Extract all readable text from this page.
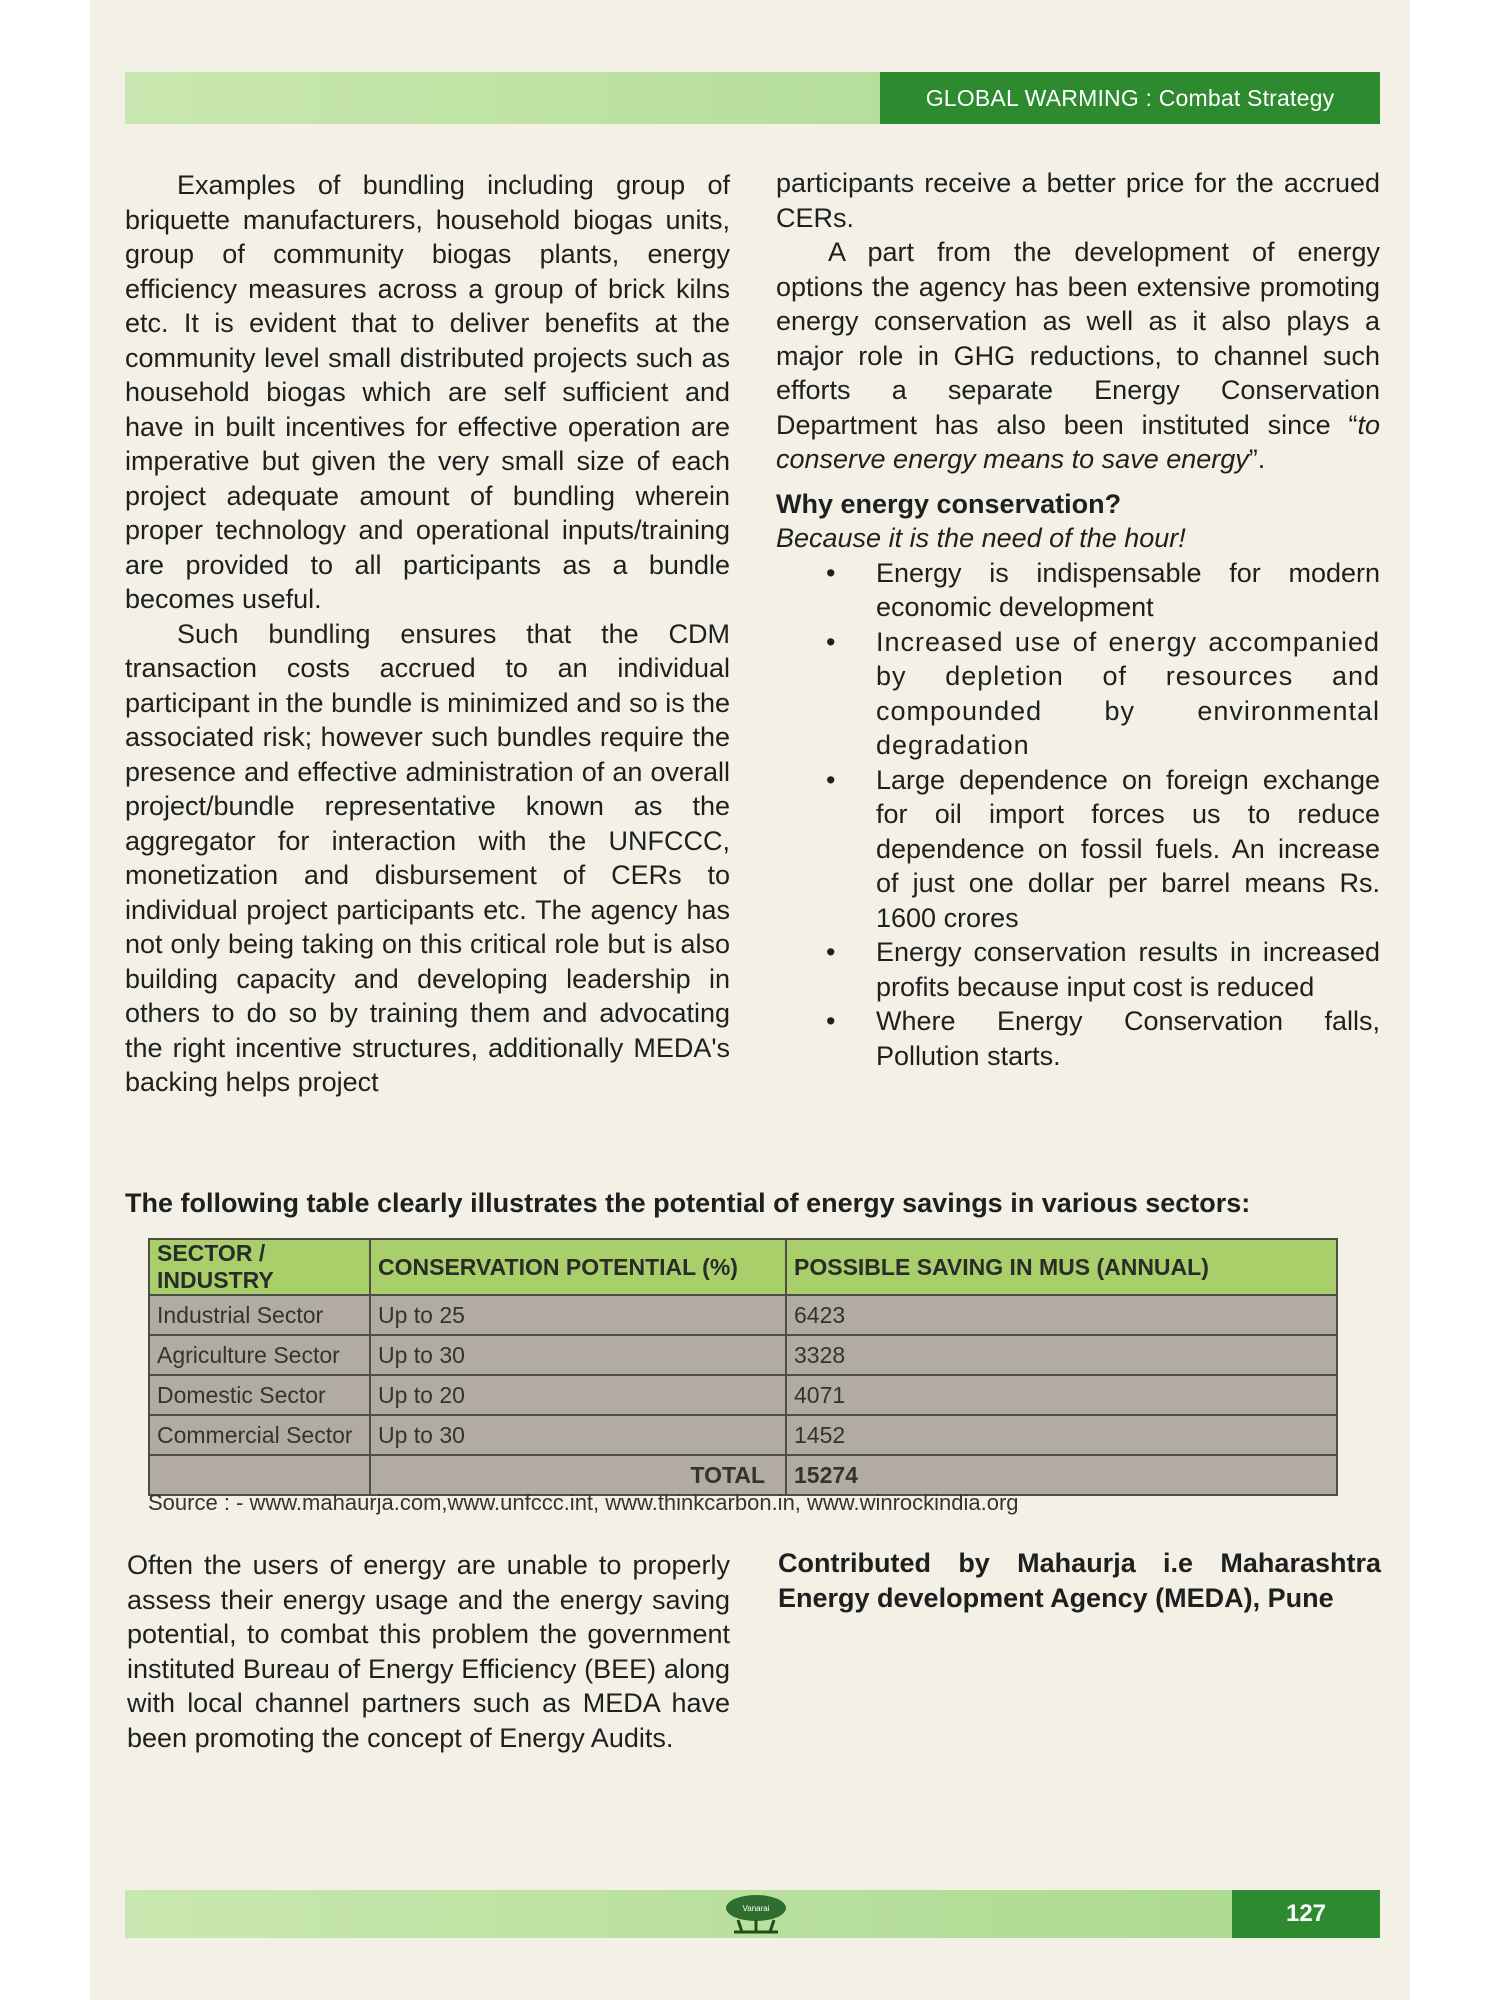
GLOBAL WARMING : Combat Strategy

Examples of bundling including group of briquette manufacturers, household biogas units, group of community biogas plants, energy efficiency measures across a group of brick kilns etc. It is evident that to deliver benefits at the community level small distributed projects such as household biogas which are self sufficient and have in built incentives for effective operation are imperative but given the very small size of each project adequate amount of bundling wherein proper technology and operational inputs/training are provided to all participants as a bundle becomes useful.

Such bundling ensures that the CDM transaction costs accrued to an individual participant in the bundle is minimized and so is the associated risk; however such bundles require the presence and effective administration of an overall project/bundle representative known as the aggregator for interaction with the UNFCCC, monetization and disbursement of CERs to individual project participants etc. The agency has not only being taking on this critical role but is also building capacity and developing leadership in others to do so by training them and advocating the right incentive structures, additionally MEDA's backing helps project

participants receive a better price for the accrued CERs.

A part from the development of energy options the agency has been extensive promoting energy conservation as well as it also plays a major role in GHG reductions, to channel such efforts a separate Energy Conservation Department has also been instituted since “to conserve energy means to save energy”.

Why energy conservation?

Because it is the need of the hour!

• Energy is indispensable for modern economic development
• Increased use of energy accompanied by depletion of resources and compounded by environmental degradation
• Large dependence on foreign exchange for oil import forces us to reduce dependence on fossil fuels. An increase of just one dollar per barrel means Rs. 1600 crores
• Energy conservation results in increased profits because input cost is reduced
• Where Energy Conservation falls, Pollution starts.
The following table clearly illustrates the potential of energy savings in various sectors:
SECTOR / INDUSTRY	CONSERVATION POTENTIAL (%)	POSSIBLE SAVING IN MUS (ANNUAL)
Industrial Sector	Up to 25	6423
Agriculture Sector	Up to 30	3328
Domestic Sector	Up to 20	4071
Commercial Sector	Up to 30	1452
	TOTAL	15274
Source : - www.mahaurja.com,www.unfccc.int, www.thinkcarbon.in, www.winrockindia.org
Often the users of energy are unable to properly assess their energy usage and the energy saving potential, to combat this problem the government instituted Bureau of Energy Efficiency (BEE) along with local channel partners such as MEDA have been promoting the concept of Energy Audits.
Contributed by Mahaurja i.e Maharashtra Energy development Agency (MEDA), Pune
Vanarai	127
